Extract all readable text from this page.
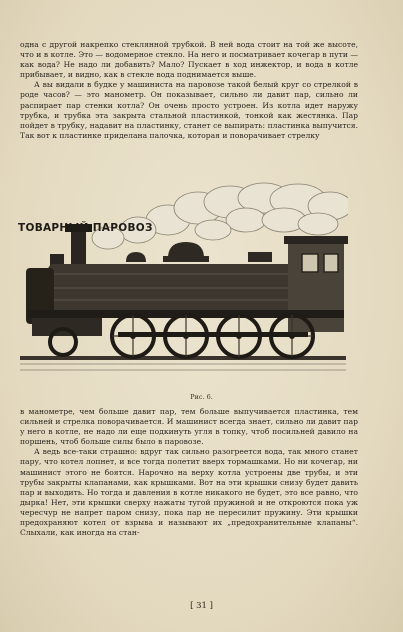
одна с другой накрепко стеклянной трубкой. В ней вода стоит на той же высоте, что и в котле. Это — водомерное стекло. На него и посматривает кочегар в пути — как вода? Не надо ли добавить? Мало? Пускает в ход инжектор, и вода в котле прибывает, и видно, как в стекле вода поднимается выше.

А вы видали в будке у машиниста на паровозе такой белый круг со стрелкой в роде часов? — это манометр. Он показывает, сильно ли давит пар, сильно ли распирает пар стенки котла? Он очень просто устроен. Из котла идет наружу трубка, и трубка эта закрыта стальной пластинкой, тонкой как жестянка. Пар пойдет в трубку, надавит на пластинку, станет се выпирать: пластинка выпучится. Так вот к пластинке приделана палочка, которая и поворачивает стрелку

ТОВАРНЫЙ ПАРОВОЗ
Рис. 6.

в манометре, чем больше давит пар, тем больше выпучивается пластинка, тем сильней и стрелка поворачивается. И машинист всегда знает, сильно ли давит пар у него в котле, не надо ли еще подкинуть угля в топку, чтоб посильней давило на поршень, чтоб больше силы было в паровозе.

А ведь все-таки страшно: вдруг так сильно разогреется вода, так много станет пару, что котел лопнет, и все тогда полетит вверх тормашками. Но ни кочегар, ни машинист этого не боятся. Нарочно на верху котла устроены две трубы, и эти трубы закрыты клапанами, как крышками. Вот на эти крышки снизу будет давить пар и выходить. Но тогда и давления в котле никакого не будет, это все равно, что дырка! Нет, эти крышки сверху нажаты тугой пружиной и не откроются пока уж чересчур не напрет паром снизу, пока пар не пересилит пружину. Эти крышки предохраняют котел от взрыва и называют их „предохранительные клапаны“. Слыхали, как иногда на стан-

[ 31 ]
